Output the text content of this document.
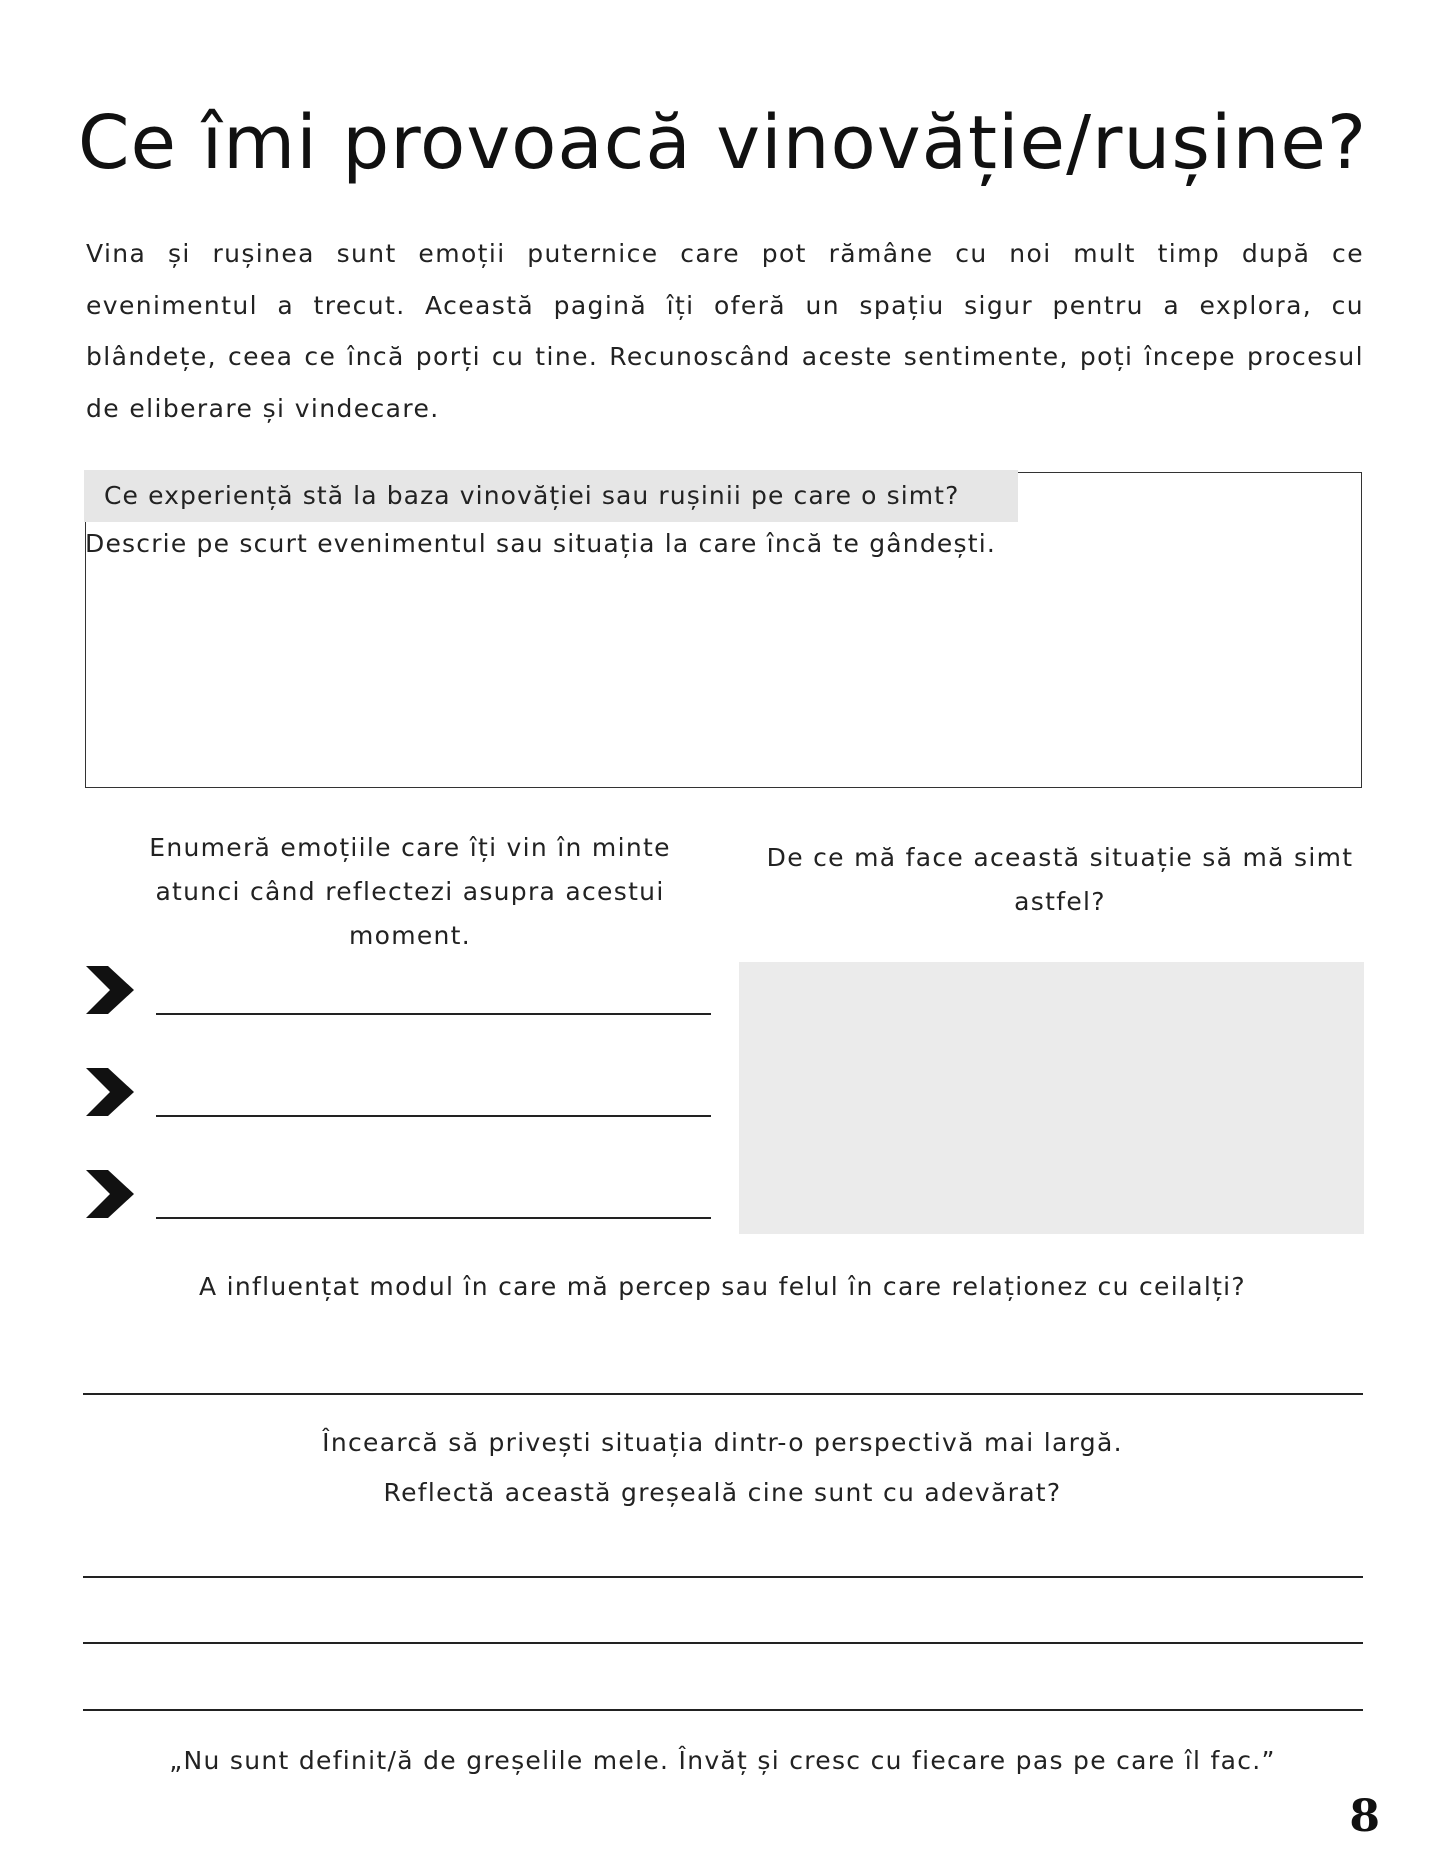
Ce îmi provoacă vinovăție/rușine?
Vina și rușinea sunt emoții puternice care pot rămâne cu noi mult timp după ce evenimentul a trecut. Această pagină îți oferă un spațiu sigur pentru a explora, cu blândețe, ceea ce încă porți cu tine. Recunoscând aceste sentimente, poți începe procesul de eliberare și vindecare.
Ce experiență stă la baza vinovăției sau rușinii pe care o simt?
Descrie pe scurt evenimentul sau situația la care încă te gândești.
Enumeră emoțiile care îți vin în minte atunci când reflectezi asupra acestui moment.
De ce mă face această situație să mă simt astfel?
A influențat modul în care mă percep sau felul în care relaționez cu ceilalți?
Încearcă să privești situația dintr-o perspectivă mai largă.
Reflectă această greșeală cine sunt cu adevărat?
„Nu sunt definit/ă de greșelile mele. Învăț și cresc cu fiecare pas pe care îl fac.”
8
